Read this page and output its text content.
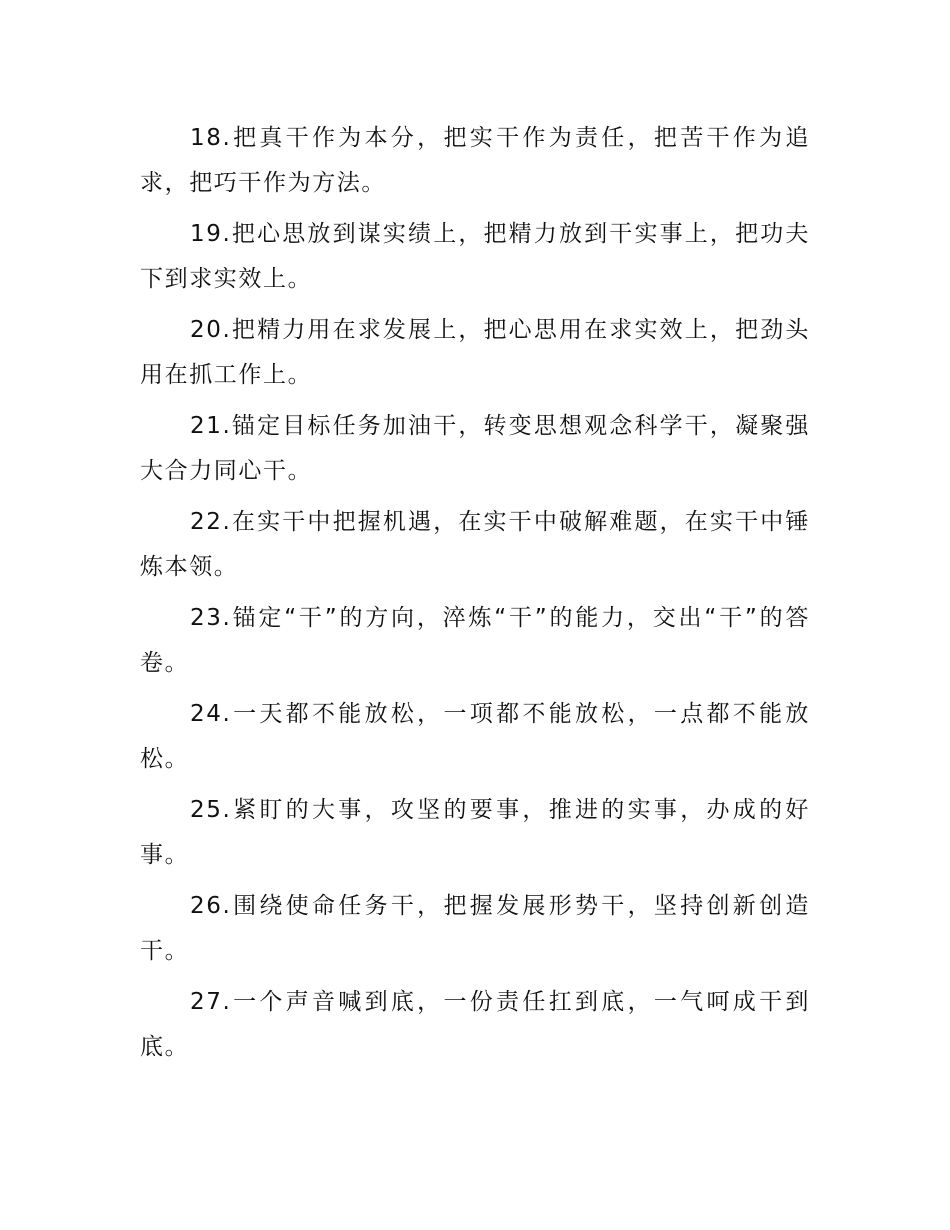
18.把真干作为本分，把实干作为责任，把苦干作为追求，把巧干作为方法。

19.把心思放到谋实绩上，把精力放到干实事上，把功夫下到求实效上。

20.把精力用在求发展上，把心思用在求实效上，把劲头用在抓工作上。

21.锚定目标任务加油干，转变思想观念科学干，凝聚强大合力同心干。

22.在实干中把握机遇，在实干中破解难题，在实干中锤炼本领。

23.锚定“干”的方向，淬炼“干”的能力，交出“干”的答卷。

24.一天都不能放松，一项都不能放松，一点都不能放松。

25.紧盯的大事，攻坚的要事，推进的实事，办成的好事。

26.围绕使命任务干，把握发展形势干，坚持创新创造干。

27.一个声音喊到底，一份责任扛到底，一气呵成干到底。
